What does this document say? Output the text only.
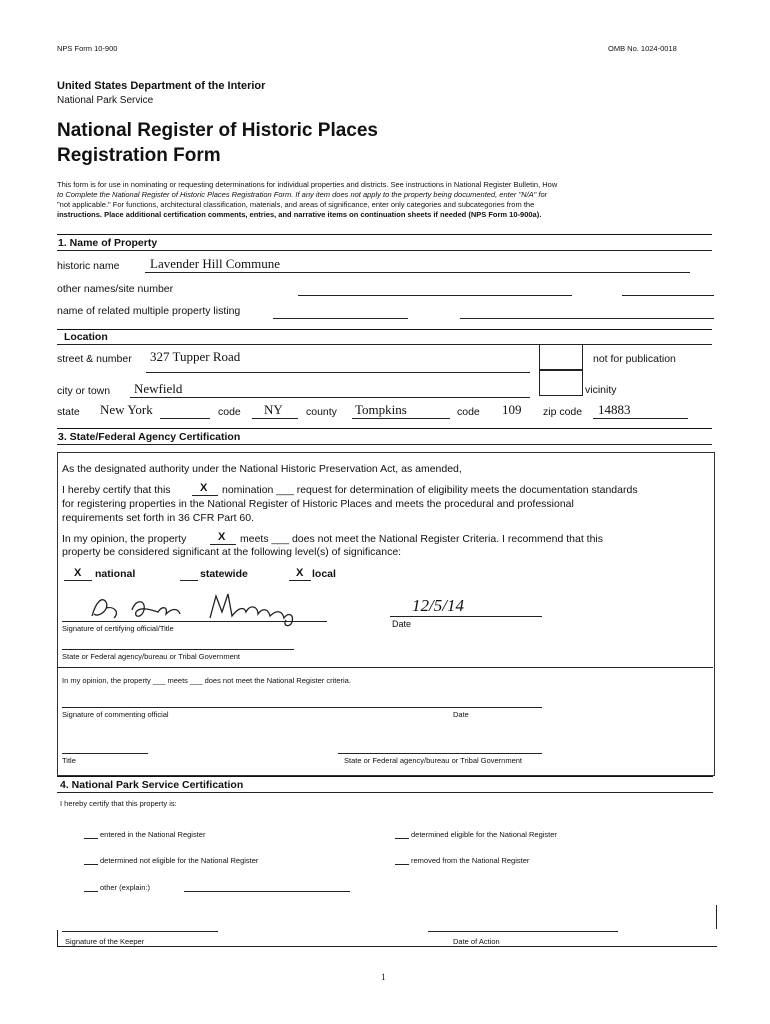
NPS Form 10-900	OMB No. 1024-0018
United States Department of the Interior
National Park Service
National Register of Historic Places
Registration Form
This form is for use in nominating or requesting determinations for individual properties and districts. See instructions in National Register Bulletin, How
to Complete the National Register of Historic Places Registration Form. If any item does not apply to the property being documented, enter "N/A" for
"not applicable." For functions, architectural classification, materials, and areas of significance, enter only categories and subcategories from the
instructions. Place additional certification comments, entries, and narrative items on continuation sheets if needed (NPS Form 10-900a).
1. Name of Property
historic name Lavender Hill Commune
other names/site number
name of related multiple property listing
Location
street & number 327 Tupper Road	not for publication
city or town Newfield	vicinity
state New York	code NY county Tompkins	code 109 zip code 14883
3. State/Federal Agency Certification
As the designated authority under the National Historic Preservation Act, as amended,
I hereby certify that this	X nomination ___ request for determination of eligibility meets the documentation standards
for registering properties in the National Register of Historic Places and meets the procedural and professional
requirements set forth in 36 CFR Part 60.
In my opinion, the property	X meets ___ does not meet the National Register Criteria. I recommend that this
property be considered significant at the following level(s) of significance:
X national	statewide	X local
Signature of certifying official/Title
12/5/14
Date
State or Federal agency/bureau or Tribal Government
In my opinion, the property ___ meets ___ does not meet the National Register criteria.
Signature of commenting official	Date
Title	State or Federal agency/bureau or Tribal Government
4. National Park Service Certification
I hereby certify that this property is:
entered in the National Register	determined eligible for the National Register
determined not eligible for the National Register	removed from the National Register
other (explain:)
Signature of the Keeper	Date of Action
1
